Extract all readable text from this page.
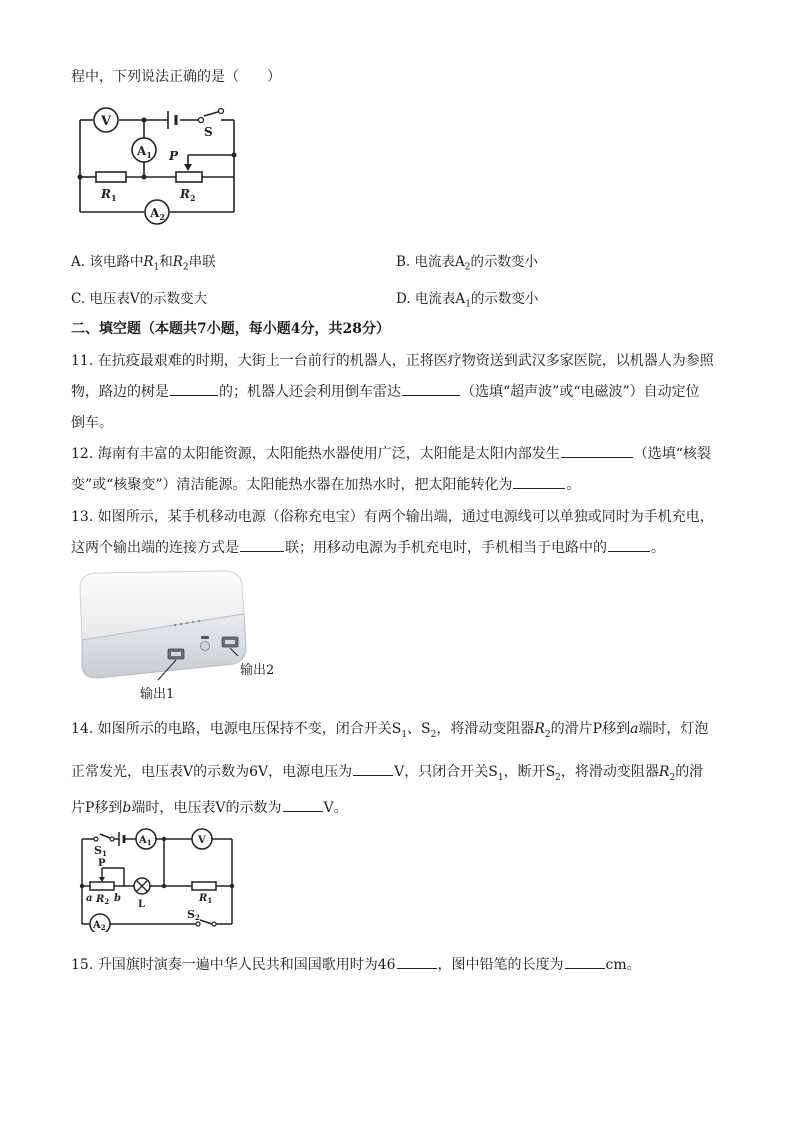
程中，下列说法正确的是（　　）
V
S
$A_1$
$R_1$
P
$R_2$
$A_2$
A. 该电路中$R_1$和$R_2$串联	B. 电流表$A_2$的示数变小
C. 电压表V的示数变大	D. 电流表$A_1$的示数变小
二、填空题（本题共7小题，每小题4分，共28分）
11. 在抗疫最艰难的时期，大街上一台前行的机器人，正将医疗物资送到武汉多家医院，以机器人为参照
物，路边的树是	的；机器人还会利用倒车雷达	（选填“超声波”或“电磁波”）自动定位
倒车。
12. 海南有丰富的太阳能资源，太阳能热水器使用广泛，太阳能是太阳内部发生	（选填“核裂
变”或“核聚变”）清洁能源。太阳能热水器在加热水时，把太阳能转化为	。
13. 如图所示，某手机移动电源（俗称充电宝）有两个输出端，通过电源线可以单独或同时为手机充电，
这两个输出端的连接方式是	联；用移动电源为手机充电时，手机相当于电路中的	。
输出2
输出1
14. 如图所示的电路，电源电压保持不变，闭合开关$S_1$、$S_2$，将滑动变阻器$R_2$的滑片P移到a端时，灯泡
正常发光，电压表V的示数为6V，电源电压为	V，只闭合开关$S_1$，断开$S_2$，将滑动变阻器$R_2$的滑
片P移到b端时，电压表V的示数为	V。
S1
$A_1$	V
P
a $R_2$ b
L
$R_1$
$A_2$
S2
15. 升国旗时演奏一遍中华人民共和国国歌用时为46	，图中铅笔的长度为	cm。
